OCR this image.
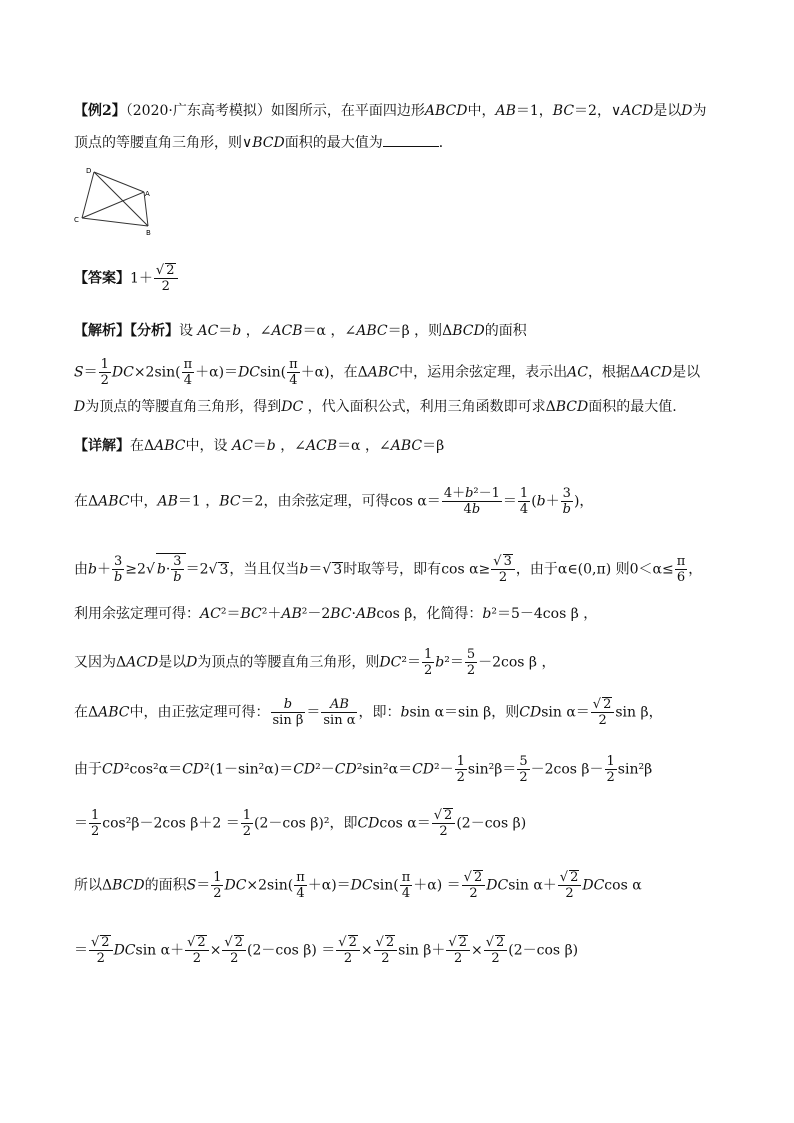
【例2】（2020·广东高考模拟）如图所示，在平面四边形ABCD中，AB＝1，BC＝2，∨ACD是以D为
顶点的等腰直角三角形，则∨BCD面积的最大值为	．
D
A
C
B
【答案】$1+ \frac{√ 2}{2}$
【解析】【分析】设 AC＝b ，∠ACB＝α ，∠ABC＝β ，则ΔBCD的面积
$S= \frac{1}{2} DC\times 2\sin( \frac{\pi}{4} +\alpha)=DCsin( \frac{\pi}{4} +\alpha)$，在ΔABC中，运用余弦定理，表示出AC，根据ΔACD是以
D为顶点的等腰直角三角形，得到DC ，代入面积公式，利用三角函数即可求ΔBCD面积的最大值.
【详解】在ΔABC中，设 AC＝b ，∠ACB＝α ，∠ABC＝β
在ΔABC中，AB＝1 ，BC＝2，由余弦定理，可得$\cos \alpha= \frac{\text{4＋b²－1}}{4b} = \frac{1}{4} (b+ \frac{3}{b}$ )，
由$b+ \frac{3}{b} \ge 2√$ $b\cdot \frac{3}{b} =2√$ 3，当且仅当b＝√ 3时取等号，即有$\cos \alpha\ge \frac{√ 3}{2}$ ，由于α∈(0,π) 则$0<\alpha\le \frac{\pi}{6}$ ，
利用余弦定理可得：AC²＝BC²＋AB²－2BC·ABcos β，化简得：b²＝5－4cos β ，
又因为ΔACD是以D为顶点的等腰直角三角形，则$DC^2= \frac{1}{2} b^2= \frac{5}{2} -2\cos$ β ，
在ΔABC中，由正弦定理可得： $\frac{b}{\text{sin β}} = \frac{AB}{\text{sin α}}$ ，即：bsin α＝sin β，则CDsin $\alpha= \frac{√ 2}{2}$ sin β，
由于$CD^2\cos^2\alpha=CD^2(1-\sin^2\alpha)=CD^2-CD^2\sin^2\alpha=CD^2- \frac{1}{2} \sin^2\beta= \frac{5}{2} -2\cos$ $\beta- \frac{1}{2} \sin^2\beta$
＝ $\frac{1}{2} \cos^2\beta-2\cos$ $\beta+2 = \frac{1}{2} (2-\cos$ β)²，即CDcos $\alpha= \frac{√ 2}{2} (2-\cos$ β)
所以ΔBCD的面积$S= \frac{1}{2} DC\times 2\sin( \frac{\pi}{4} +\alpha)=DCsin( \frac{\pi}{4} +\alpha) = \frac{√ 2}{2}$ DCsin $\alpha+ \frac{√ 2}{2}$ DCcos α
＝ $\frac{√ 2}{2}$ DCsin $\alpha+ \frac{√ 2}{2} \times \frac{√ 2}{2} (2-\cos$ $\beta) = \frac{√ 2}{2} \times \frac{√ 2}{2}$ $\sin \beta+ \frac{√ 2}{2} \times \frac{√ 2}{2} (2-\cos$ β)
